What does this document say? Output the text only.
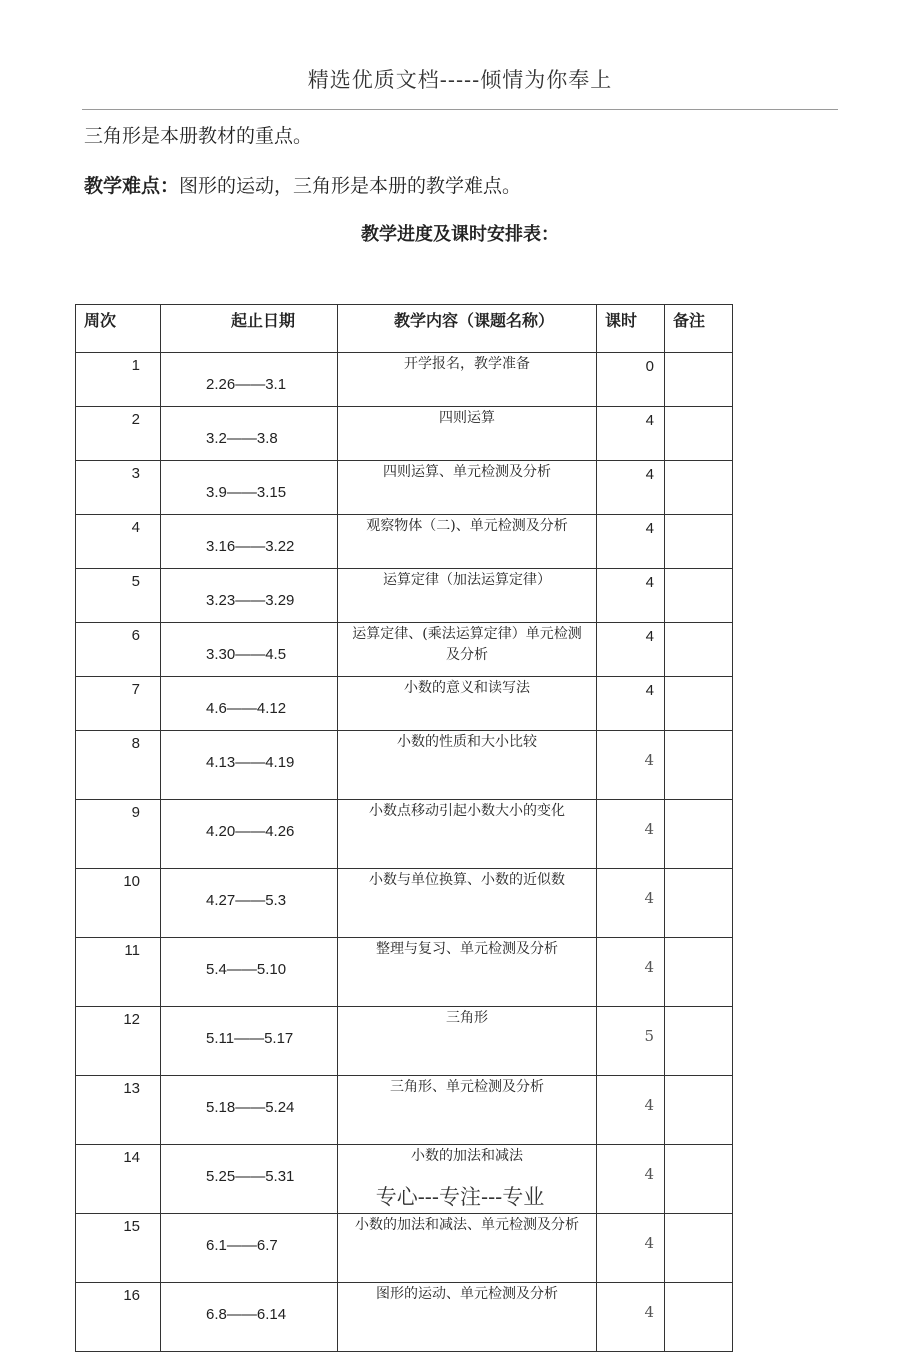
精选优质文档-----倾情为你奉上
三角形是本册教材的重点。
教学难点：图形的运动，三角形是本册的教学难点。
教学进度及课时安排表：
周次	起止日期	教学内容（课题名称）	课时	备注
1	2.26——3.1	开学报名，教学准备	0	
2	3.2——3.8	四则运算	4	
3	3.9——3.15	四则运算、单元检测及分析	4	
4	3.16——3.22	观察物体（二)、单元检测及分析	4	
5	3.23——3.29	运算定律（加法运算定律）	4	
6	3.30——4.5	运算定律、(乘法运算定律）单元检测及分析	4	
7	4.6——4.12	小数的意义和读写法	4	
8	4.13——4.19	小数的性质和大小比较	4	
9	4.20——4.26	小数点移动引起小数大小的变化	4	
10	4.27——5.3	小数与单位换算、小数的近似数	4	
11	5.4——5.10	整理与复习、单元检测及分析	4	
12	5.11——5.17	三角形	5	
13	5.18——5.24	三角形、单元检测及分析	4	
14	5.25——5.31	小数的加法和减法	4	
15	6.1——6.7	小数的加法和减法、单元检测及分析	4	
16	6.8——6.14	图形的运动、单元检测及分析	4	
专心---专注---专业
